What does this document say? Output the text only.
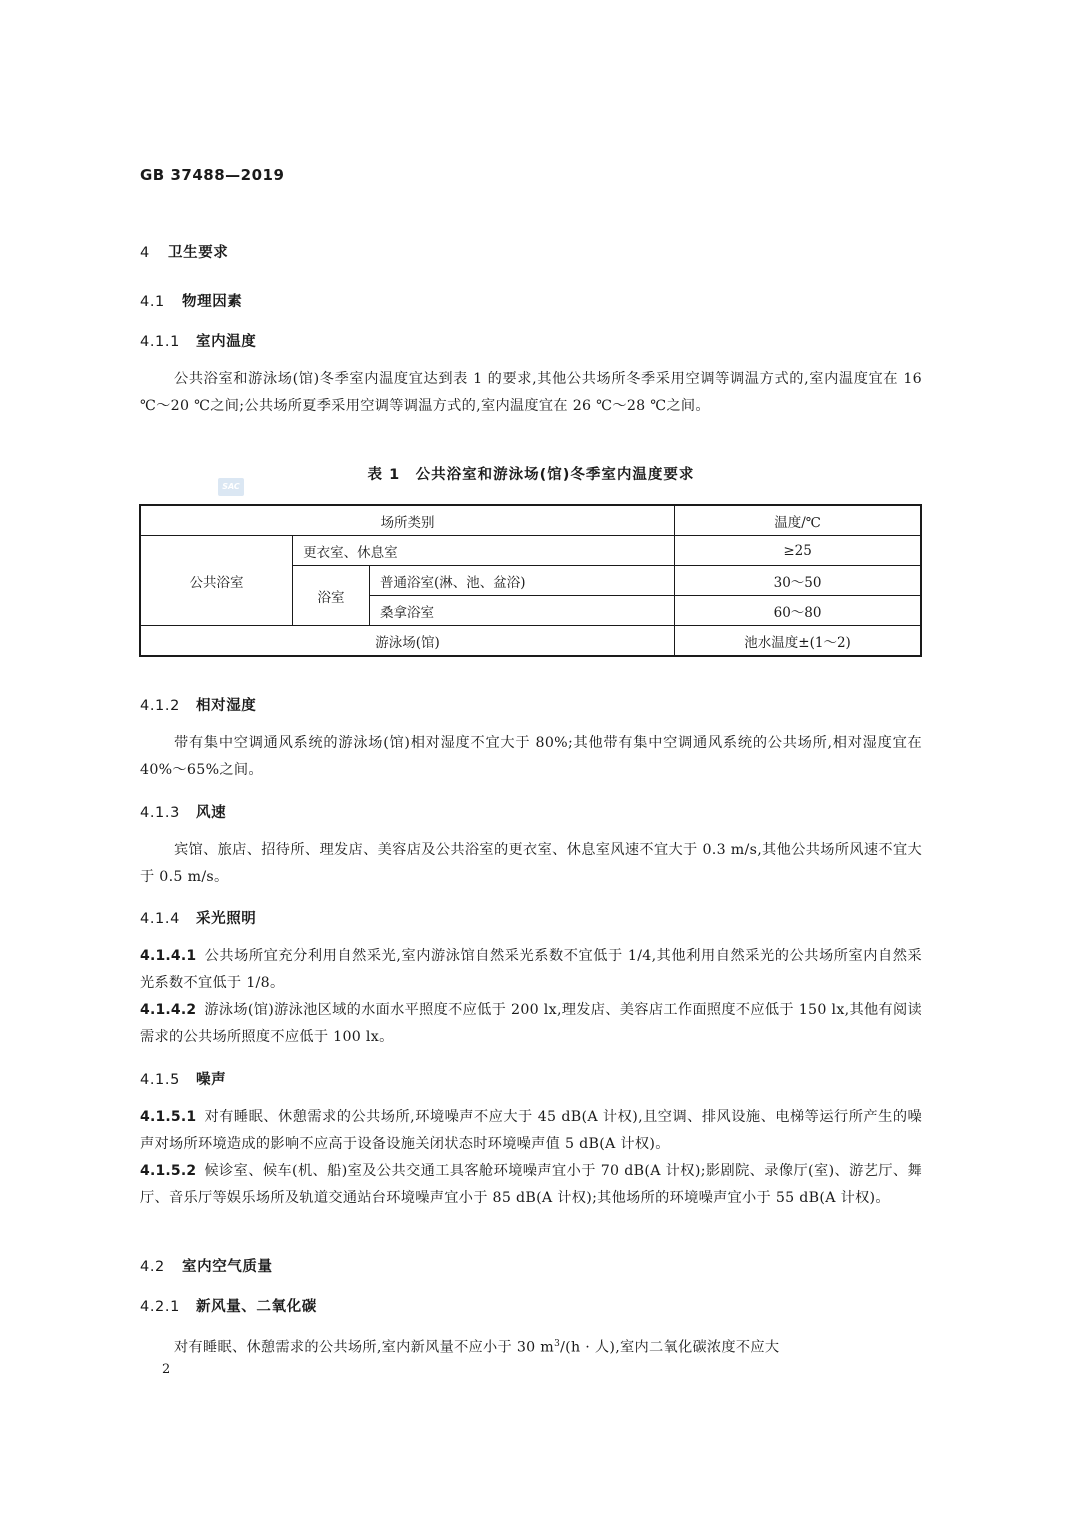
GB 37488—2019
4 卫生要求
4.1 物理因素
4.1.1 室内温度
公共浴室和游泳场(馆)冬季室内温度宜达到表 1 的要求,其他公共场所冬季采用空调等调温方式的,室内温度宜在 16 ℃～20 ℃之间;公共场所夏季采用空调等调温方式的,室内温度宜在 26 ℃～28 ℃之间。
表 1　公共浴室和游泳场(馆)冬季室内温度要求
SAC
场所类别			温度/℃
公共浴室	更衣室、休息室		≥25
	浴室	普通浴室(淋、池、盆浴)	30～50
		桑拿浴室	60～80
游泳场(馆)			池水温度±(1～2)
4.1.2 相对湿度
带有集中空调通风系统的游泳场(馆)相对湿度不宜大于 80%;其他带有集中空调通风系统的公共场所,相对湿度宜在 40%～65%之间。
4.1.3 风速
宾馆、旅店、招待所、理发店、美容店及公共浴室的更衣室、休息室风速不宜大于 0.3 m/s,其他公共场所风速不宜大于 0.5 m/s。
4.1.4 采光照明
4.1.4.1 公共场所宜充分利用自然采光,室内游泳馆自然采光系数不宜低于 1/4,其他利用自然采光的公共场所室内自然采光系数不宜低于 1/8。
4.1.4.2 游泳场(馆)游泳池区域的水面水平照度不应低于 200 lx,理发店、美容店工作面照度不应低于 150 lx,其他有阅读需求的公共场所照度不应低于 100 lx。
4.1.5 噪声
4.1.5.1 对有睡眠、休憩需求的公共场所,环境噪声不应大于 45 dB(A 计权),且空调、排风设施、电梯等运行所产生的噪声对场所环境造成的影响不应高于设备设施关闭状态时环境噪声值 5 dB(A 计权)。
4.1.5.2 候诊室、候车(机、船)室及公共交通工具客舱环境噪声宜小于 70 dB(A 计权);影剧院、录像厅(室)、游艺厅、舞厅、音乐厅等娱乐场所及轨道交通站台环境噪声宜小于 85 dB(A 计权);其他场所的环境噪声宜小于 55 dB(A 计权)。
4.2 室内空气质量
4.2.1 新风量、二氧化碳
对有睡眠、休憩需求的公共场所,室内新风量不应小于 30 $m^3/(h$ · 人),室内二氧化碳浓度不应大
2
